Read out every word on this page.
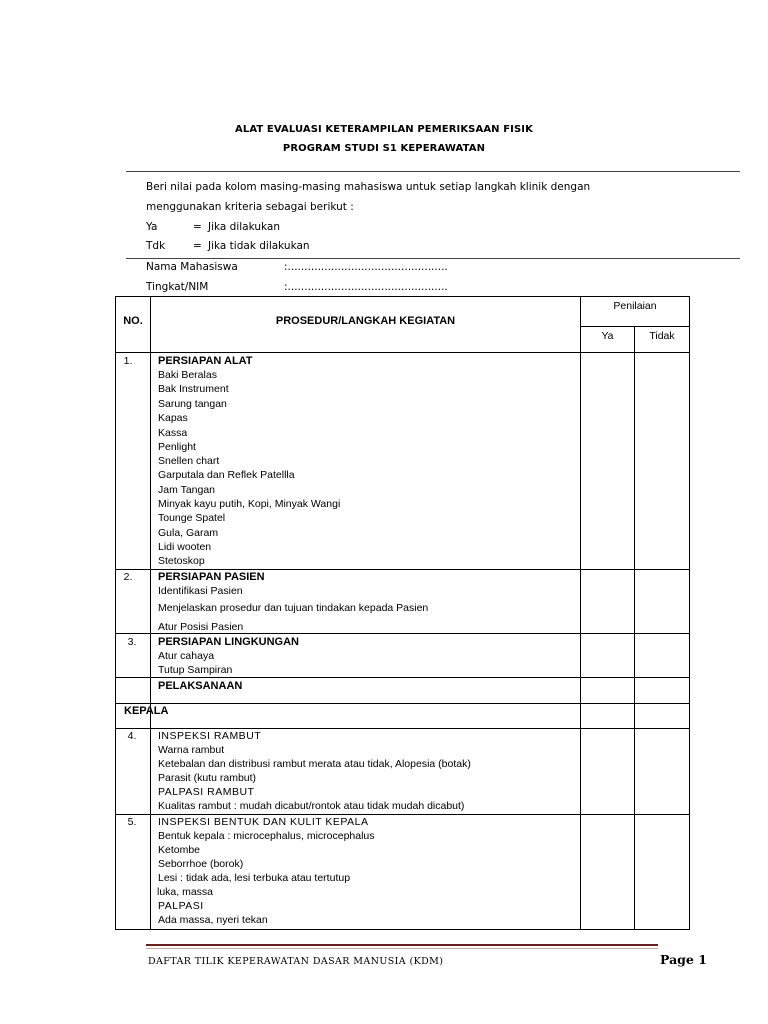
ALAT EVALUASI KETERAMPILAN PEMERIKSAAN FISIK
PROGRAM STUDI S1 KEPERAWATAN
Beri nilai pada kolom masing-masing mahasiswa untuk setiap langkah klinik dengan
menggunakan kriteria sebagai berikut :
Ya	= Jika dilakukan
Tdk	= Jika tidak dilakukan
Nama Mahasiswa	:................................................
Tingkat/NIM	:................................................
NO.	PROSEDUR/LANGKAH KEGIATAN
Penilaian
Ya	Tidak
1.	PERSIAPAN ALAT
Baki Beralas
Bak Instrument
Sarung tangan
Kapas
Kassa
Penlight
Snellen chart
Garputala dan Reflek Patellla
Jam Tangan
Minyak kayu putih, Kopi, Minyak Wangi
Tounge Spatel
Gula, Garam
Lidi wooten
Stetoskop
2.	PERSIAPAN PASIEN
Identifikasi Pasien
Menjelaskan prosedur dan tujuan tindakan kepada Pasien
Atur Posisi Pasien
3.	PERSIAPAN LINGKUNGAN
Atur cahaya
Tutup Sampiran
PELAKSANAAN
KEPALA
4.	INSPEKSI RAMBUT
Warna rambut
Ketebalan dan distribusi rambut merata atau tidak, Alopesia (botak)
Parasit (kutu rambut)
PALPASI RAMBUT
Kualitas rambut : mudah dicabut/rontok atau tidak mudah dicabut)
5.	INSPEKSI BENTUK DAN KULIT KEPALA
Bentuk kepala : microcephalus, microcephalus
Ketombe
Seborrhoe (borok)
Lesi : tidak ada, lesi terbuka atau tertutup
luka, massa
PALPASI
Ada massa, nyeri tekan
DAFTAR TILIK KEPERAWATAN DASAR MANUSIA (KDM)	Page 1
